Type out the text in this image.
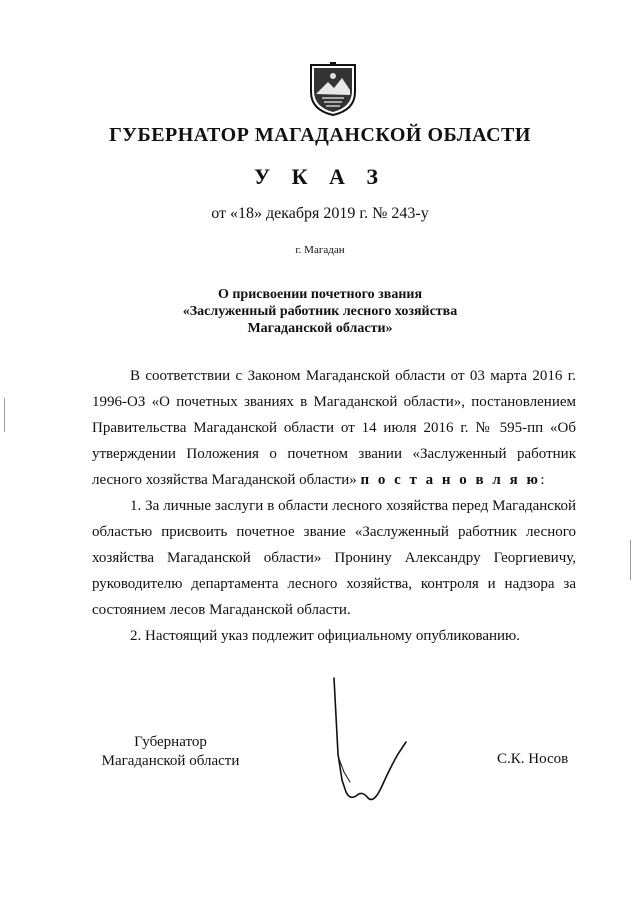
ГУБЕРНАТОР МАГАДАНСКОЙ ОБЛАСТИ
У К А З
от «18» декабря 2019 г. № 243-у
г. Магадан
О присвоении почетного звания
«Заслуженный работник лесного хозяйства
Магаданской области»

В соответствии с Законом Магаданской области от 03 марта 2016 г. 1996-ОЗ «О почетных званиях в Магаданской области», постановлением Правительства Магаданской области от 14 июля 2016 г. № 595-пп «Об утверждении Положения о почетном звании «Заслуженный работник лесного хозяйства Магаданской области» п о с т а н о в л я ю:

1. За личные заслуги в области лесного хозяйства перед Магаданской областью присвоить почетное звание «Заслуженный работник лесного хозяйства Магаданской области» Пронину Александру Георгиевичу, руководителю департамента лесного хозяйства, контроля и надзора за состоянием лесов Магаданской области.

2. Настоящий указ подлежит официальному опубликованию.

Губернатор
Магаданской области	С.К. Носов
